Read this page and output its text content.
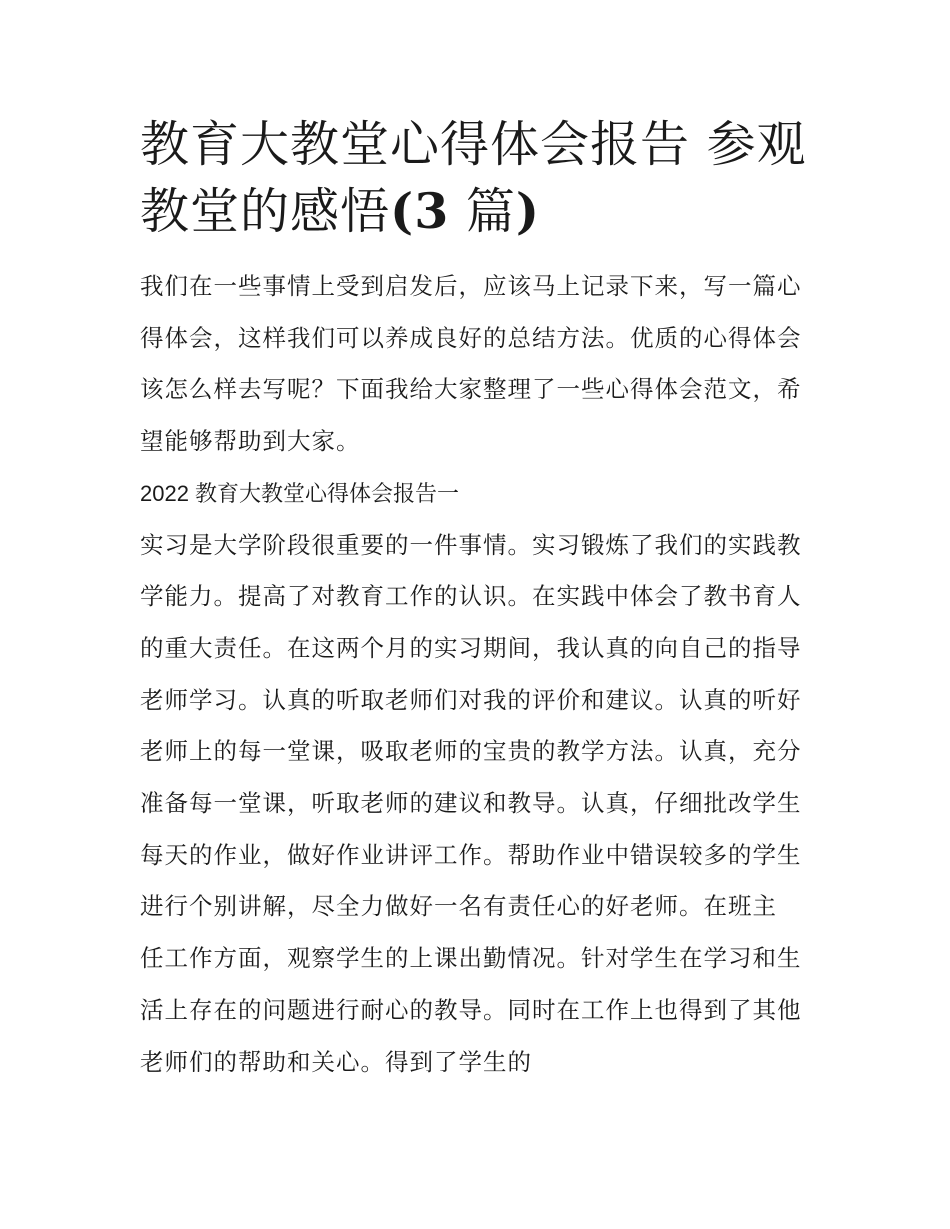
教育大教堂心得体会报告 参观
教堂的感悟(3 篇)
我们在一些事情上受到启发后，应该马上记录下来，写一篇心
得体会，这样我们可以养成良好的总结方法。优质的心得体会
该怎么样去写呢？下面我给大家整理了一些心得体会范文，希
望能够帮助到大家。
2022 教育大教堂心得体会报告一
实习是大学阶段很重要的一件事情。实习锻炼了我们的实践教
学能力。提高了对教育工作的认识。在实践中体会了教书育人
的重大责任。在这两个月的实习期间，我认真的向自己的指导
老师学习。认真的听取老师们对我的评价和建议。认真的听好
老师上的每一堂课，吸取老师的宝贵的教学方法。认真，充分
准备每一堂课，听取老师的建议和教导。认真，仔细批改学生
每天的作业，做好作业讲评工作。帮助作业中错误较多的学生
进行个别讲解，尽全力做好一名有责任心的好老师。在班主
任工作方面，观察学生的上课出勤情况。针对学生在学习和生
活上存在的问题进行耐心的教导。同时在工作上也得到了其他
老师们的帮助和关心。得到了学生的
